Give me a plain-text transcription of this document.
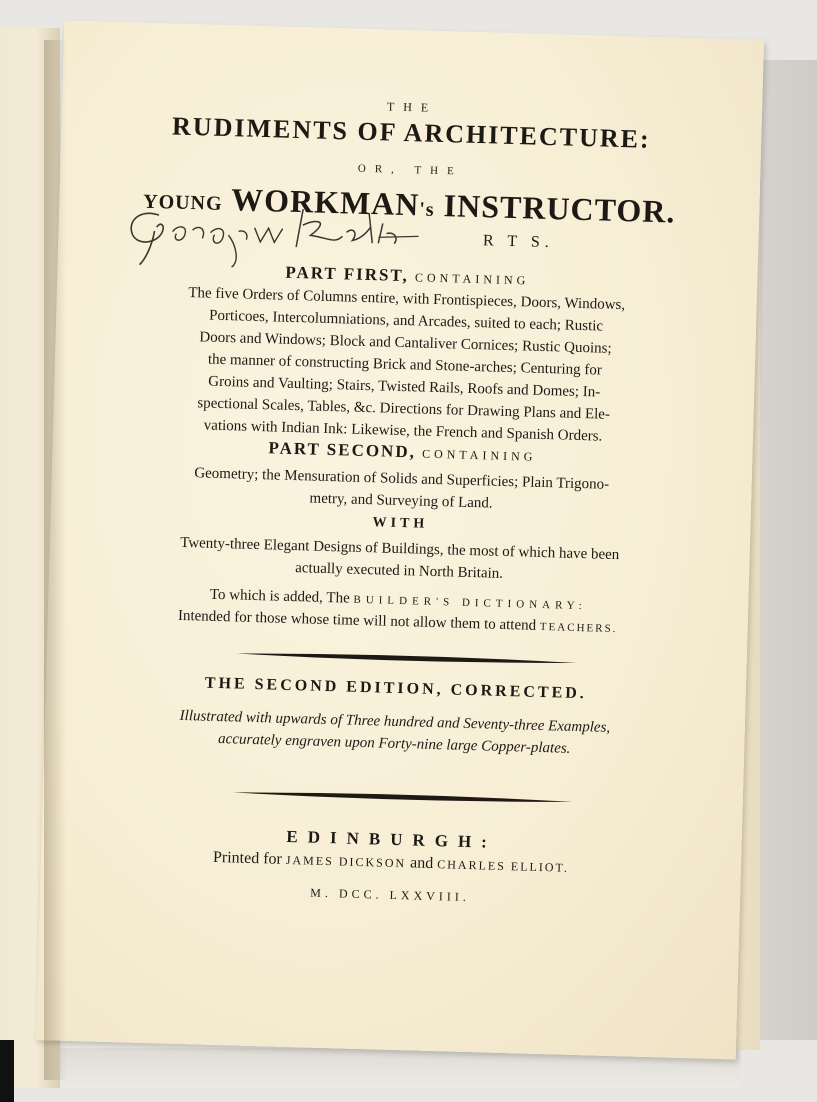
THE
RUDIMENTS OF ARCHITECTURE:
OR, THE
YOUNG WORKMAN's INSTRUCTOR.
R T S.
PART FIRST, CONTAINING
The five Orders of Columns entire, with Frontispieces, Doors, Windows,
Porticoes, Intercolumniations, and Arcades, suited to each; Rustic
Doors and Windows; Block and Cantaliver Cornices; Rustic Quoins;
the manner of constructing Brick and Stone-arches; Centuring for
Groins and Vaulting; Stairs, Twisted Rails, Roofs and Domes; In-
spectional Scales, Tables, &c. Directions for Drawing Plans and Ele-
vations with Indian Ink: Likewise, the French and Spanish Orders.
PART SECOND, CONTAINING
Geometry; the Mensuration of Solids and Superficies; Plain Trigono-
metry, and Surveying of Land.
WITH
Twenty-three Elegant Designs of Buildings, the most of which have been
actually executed in North Britain.
To which is added, The BUILDER'S DICTIONARY:
Intended for those whose time will not allow them to attend TEACHERS.
THE SECOND EDITION, CORRECTED.
Illustrated with upwards of Three hundred and Seventy-three Examples,
accurately engraven upon Forty-nine large Copper-plates.
EDINBURGH:
Printed for JAMES DICKSON and CHARLES ELLIOT.
M. DCC. LXXVIII.
